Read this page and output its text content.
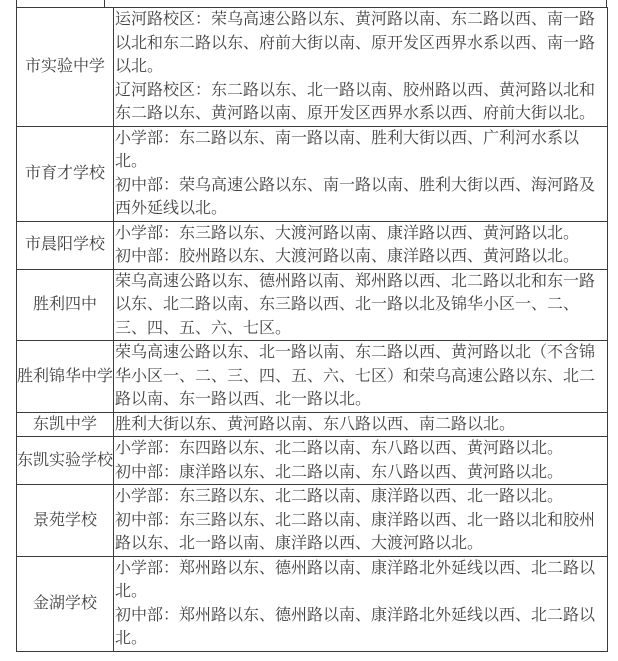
市实验中学	运河路校区：荣乌高速公路以东、黄河路以南、东二路以西、南一路以北和东二路以东、府前大街以南、原开发区西界水系以西、南一路以北。
辽河路校区：东二路以东、北一路以南、胶州路以西、黄河路以北和东二路以东、黄河路以南、原开发区西界水系以西、府前大街以北。

市育才学校	小学部：东二路以东、南一路以南、胜利大街以西、广利河水系以北。
初中部：荣乌高速公路以东、南一路以南、胜利大街以西、海河路及西外延线以北。

市晨阳学校	小学部：东三路以东、大渡河路以南、康洋路以西、黄河路以北。
初中部：胶州路以东、大渡河路以南、康洋路以西、黄河路以北。

胜利四中	荣乌高速公路以东、德州路以南、郑州路以西、北二路以北和东一路以东、北二路以南、东三路以西、北一路以北及锦华小区一、二、三、四、五、六、七区。

胜利锦华中学	荣乌高速公路以东、北一路以南、东二路以西、黄河路以北（不含锦华小区一、二、三、四、五、六、七区）和荣乌高速公路以东、北二路以南、东一路以西、北一路以北。

东凯中学	胜利大街以东、黄河路以南、东八路以西、南二路以北。

东凯实验学校	小学部：东四路以东、北二路以南、东八路以西、黄河路以北。
初中部：康洋路以东、北二路以南、东八路以西、黄河路以北。

景苑学校	小学部：东三路以东、北二路以南、康洋路以西、北一路以北。
初中部：东三路以东、北二路以南、康洋路以西、北一路以北和胶州路以东、北一路以南、康洋路以西、大渡河路以北。

金湖学校	小学部：郑州路以东、德州路以南、康洋路北外延线以西、北二路以北。
初中部：郑州路以东、德州路以南、康洋路北外延线以西、北二路以北。
